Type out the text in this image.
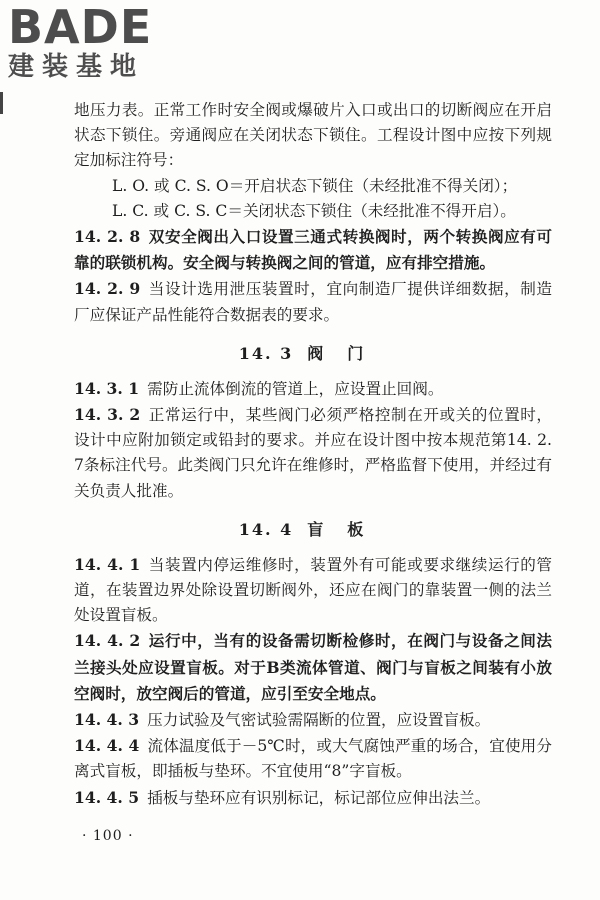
BADE
建装基地

地压力表。正常工作时安全阀或爆破片入口或出口的切断阀应在开启状态下锁住。旁通阀应在关闭状态下锁住。工程设计图中应按下列规定加标注符号：

L. O. 或 C. S. O＝开启状态下锁住（未经批准不得关闭）；

L. C. 或 C. S. C＝关闭状态下锁住（未经批准不得开启）。

14. 2. 8 双安全阀出入口设置三通式转换阀时，两个转换阀应有可靠的联锁机构。安全阀与转换阀之间的管道，应有排空措施。

14. 2. 9 当设计选用泄压装置时，宜向制造厂提供详细数据，制造厂应保证产品性能符合数据表的要求。

14. 3 阀门

14. 3. 1 需防止流体倒流的管道上，应设置止回阀。

14. 3. 2 正常运行中，某些阀门必须严格控制在开或关的位置时，设计中应附加锁定或铅封的要求。并应在设计图中按本规范第14. 2. 7条标注代号。此类阀门只允许在维修时，严格监督下使用，并经过有关负责人批准。

14. 4 盲板

14. 4. 1 当装置内停运维修时，装置外有可能或要求继续运行的管道，在装置边界处除设置切断阀外，还应在阀门的靠装置一侧的法兰处设置盲板。

14. 4. 2 运行中，当有的设备需切断检修时，在阀门与设备之间法兰接头处应设置盲板。对于B类流体管道、阀门与盲板之间装有小放空阀时，放空阀后的管道，应引至安全地点。

14. 4. 3 压力试验及气密试验需隔断的位置，应设置盲板。

14. 4. 4 流体温度低于－5℃时，或大气腐蚀严重的场合，宜使用分离式盲板，即插板与垫环。不宜使用“8”字盲板。

14. 4. 5 插板与垫环应有识别标记，标记部位应伸出法兰。

· 100 ·
